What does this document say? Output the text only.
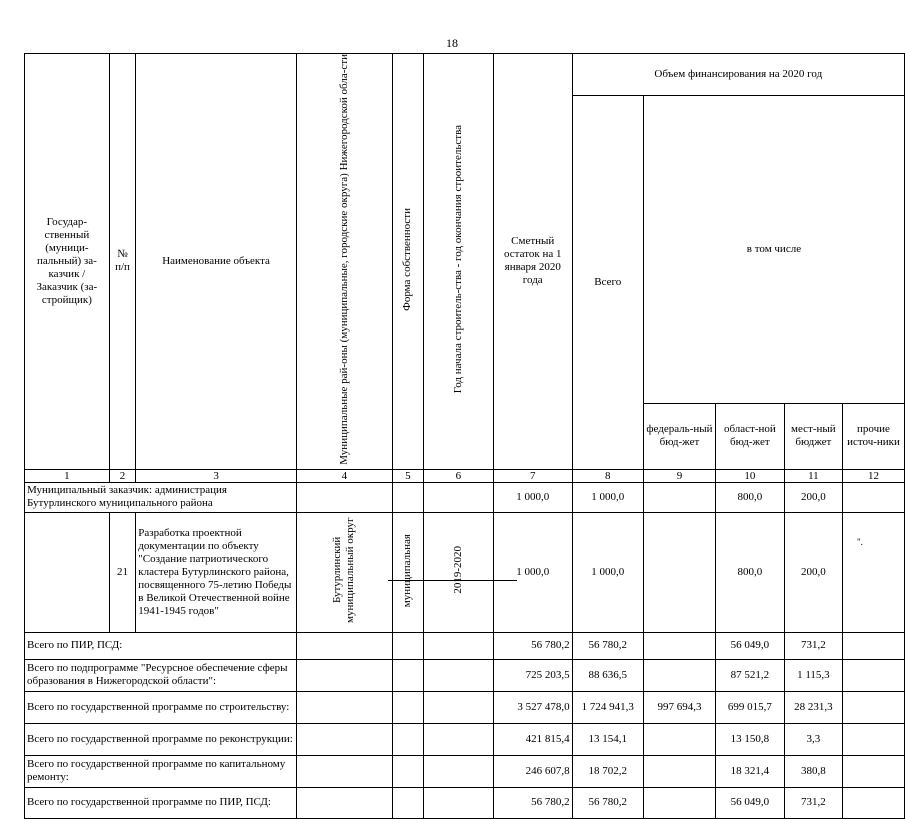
18
Государ-ственный (муници-пальный) за-казчик / Заказчик (за-стройщик)	№ п/п	Наименование объекта	Муниципальные рай-оны (муниципальные, городские округа) Нижегородской обла-сти	Форма собственности	Год начала строитель-ства - год окончания строительства	Сметный остаток на 1 января 2020 года	Объем финансирования на 2020 год				
							Всего	в том числе			
								федераль-ный бюд-жет	област-ной бюд-жет	мест-ный бюджет	прочие источ-ники
1	2	3	4	5	6	7	8	9	10	11	12
Муниципальный заказчик: администрация Бутурлинского муниципального района						1 000,0	1 000,0		800,0	200,0	
	21	Разработка проектной документации по объекту "Создание патриотического кластера Бутурлинского района, посвященного 75-летию Победы в Великой Отечественной войне 1941-1945 годов"	Бутурлинский муниципальный округ	муниципальная	2019-2020	1 000,0	1 000,0		800,0	200,0	
Всего по ПИР, ПСД:						56 780,2	56 780,2		56 049,0	731,2	
Всего по подпрограмме "Ресурсное обеспечение сферы образования в Нижегородской области":						725 203,5	88 636,5		87 521,2	1 115,3	
Всего по государственной программе по строительству:						3 527 478,0	1 724 941,3	997 694,3	699 015,7	28 231,3	
Всего по государственной программе по реконструкции:						421 815,4	13 154,1		13 150,8	3,3	
Всего по государственной программе по капитальному ремонту:						246 607,8	18 702,2		18 321,4	380,8	
Всего по государственной программе по ПИР, ПСД:						56 780,2	56 780,2		56 049,0	731,2	
".
